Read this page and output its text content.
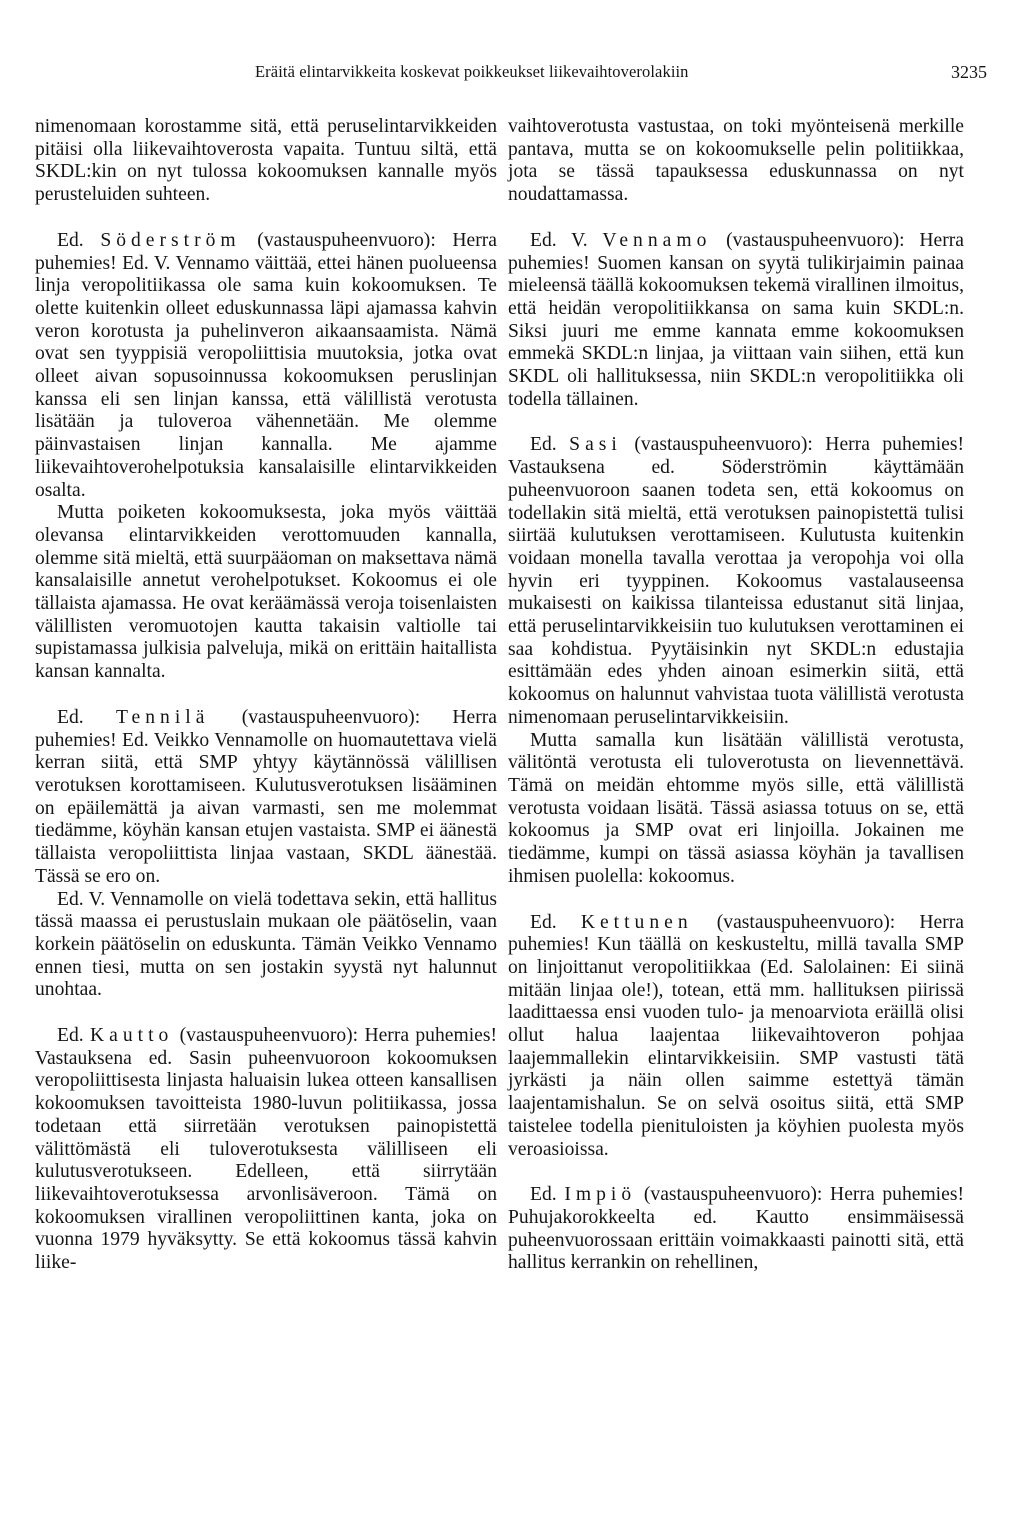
Eräitä elintarvikkeita koskevat poikkeukset liikevaihtoverolakiin	3235

nimenomaan korostamme sitä, että peruselintarvikkeiden pitäisi olla liikevaihtoverosta vapaita. Tuntuu siltä, että SKDL:kin on nyt tulossa kokoomuksen kannalle myös perusteluiden suhteen.

Ed. Söderström (vastauspuheenvuoro): Herra puhemies! Ed. V. Vennamo väittää, ettei hänen puolueensa linja veropolitiikassa ole sama kuin kokoomuksen. Te olette kuitenkin olleet eduskunnassa läpi ajamassa kahvin veron korotusta ja puhelinveron aikaansaamista. Nämä ovat sen tyyppisiä veropoliittisia muutoksia, jotka ovat olleet aivan sopusoinnussa kokoomuksen peruslinjan kanssa eli sen linjan kanssa, että välillistä verotusta lisätään ja tuloveroa vähennetään. Me olemme päinvastaisen linjan kannalla. Me ajamme liikevaihtoverohelpotuksia kansalaisille elintarvikkeiden osalta.

Mutta poiketen kokoomuksesta, joka myös väittää olevansa elintarvikkeiden verottomuuden kannalla, olemme sitä mieltä, että suurpääoman on maksettava nämä kansalaisille annetut verohelpotukset. Kokoomus ei ole tällaista ajamassa. He ovat keräämässä veroja toisenlaisten välillisten veromuotojen kautta takaisin valtiolle tai supistamassa julkisia palveluja, mikä on erittäin haitallista kansan kannalta.

Ed. Tennilä (vastauspuheenvuoro): Herra puhemies! Ed. Veikko Vennamolle on huomautettava vielä kerran siitä, että SMP yhtyy käytännössä välillisen verotuksen korottamiseen. Kulutusverotuksen lisääminen on epäilemättä ja aivan varmasti, sen me molemmat tiedämme, köyhän kansan etujen vastaista. SMP ei äänestä tällaista veropoliittista linjaa vastaan, SKDL äänestää. Tässä se ero on.

Ed. V. Vennamolle on vielä todettava sekin, että hallitus tässä maassa ei perustuslain mukaan ole päätöselin, vaan korkein päätöselin on eduskunta. Tämän Veikko Vennamo ennen tiesi, mutta on sen jostakin syystä nyt halunnut unohtaa.

Ed. Kautto (vastauspuheenvuoro): Herra puhemies! Vastauksena ed. Sasin puheenvuoroon kokoomuksen veropoliittisesta linjasta haluaisin lukea otteen kansallisen kokoomuksen tavoitteista 1980-luvun politiikassa, jossa todetaan että siirretään verotuksen painopistettä välittömästä eli tuloverotuksesta välilliseen eli kulutusverotukseen. Edelleen, että siirrytään liikevaihtoverotuksessa arvonlisäveroon. Tämä on kokoomuksen virallinen veropoliittinen kanta, joka on vuonna 1979 hyväksytty. Se että kokoomus tässä kahvin liike-

vaihtoverotusta vastustaa, on toki myönteisenä merkille pantava, mutta se on kokoomukselle pelin politiikkaa, jota se tässä tapauksessa eduskunnassa on nyt noudattamassa.

Ed. V. Vennamo (vastauspuheenvuoro): Herra puhemies! Suomen kansan on syytä tulikirjaimin painaa mieleensä täällä kokoomuksen tekemä virallinen ilmoitus, että heidän veropolitiikkansa on sama kuin SKDL:n. Siksi juuri me emme kannata emme kokoomuksen emmekä SKDL:n linjaa, ja viittaan vain siihen, että kun SKDL oli hallituksessa, niin SKDL:n veropolitiikka oli todella tällainen.

Ed. Sasi (vastauspuheenvuoro): Herra puhemies! Vastauksena ed. Söderströmin käyttämään puheenvuoroon saanen todeta sen, että kokoomus on todellakin sitä mieltä, että verotuksen painopistettä tulisi siirtää kulutuksen verottamiseen. Kulutusta kuitenkin voidaan monella tavalla verottaa ja veropohja voi olla hyvin eri tyyppinen. Kokoomus vastalauseensa mukaisesti on kaikissa tilanteissa edustanut sitä linjaa, että peruselintarvikkeisiin tuo kulutuksen verottaminen ei saa kohdistua. Pyytäisinkin nyt SKDL:n edustajia esittämään edes yhden ainoan esimerkin siitä, että kokoomus on halunnut vahvistaa tuota välillistä verotusta nimenomaan peruselintarvikkeisiin.

Mutta samalla kun lisätään välillistä verotusta, välitöntä verotusta eli tuloverotusta on lievennettävä. Tämä on meidän ehtomme myös sille, että välillistä verotusta voidaan lisätä. Tässä asiassa totuus on se, että kokoomus ja SMP ovat eri linjoilla. Jokainen me tiedämme, kumpi on tässä asiassa köyhän ja tavallisen ihmisen puolella: kokoomus.

Ed. Kettunen (vastauspuheenvuoro): Herra puhemies! Kun täällä on keskusteltu, millä tavalla SMP on linjoittanut veropolitiikkaa (Ed. Salolainen: Ei siinä mitään linjaa ole!), totean, että mm. hallituksen piirissä laadittaessa ensi vuoden tulo- ja menoarviota eräillä olisi ollut halua laajentaa liikevaihtoveron pohjaa laajemmallekin elintarvikkeisiin. SMP vastusti tätä jyrkästi ja näin ollen saimme estettyä tämän laajentamishalun. Se on selvä osoitus siitä, että SMP taistelee todella pienituloisten ja köyhien puolesta myös veroasioissa.

Ed. Impiö (vastauspuheenvuoro): Herra puhemies! Puhujakorokkeelta ed. Kautto ensimmäisessä puheenvuorossaan erittäin voimakkaasti painotti sitä, että hallitus kerrankin on rehellinen,
